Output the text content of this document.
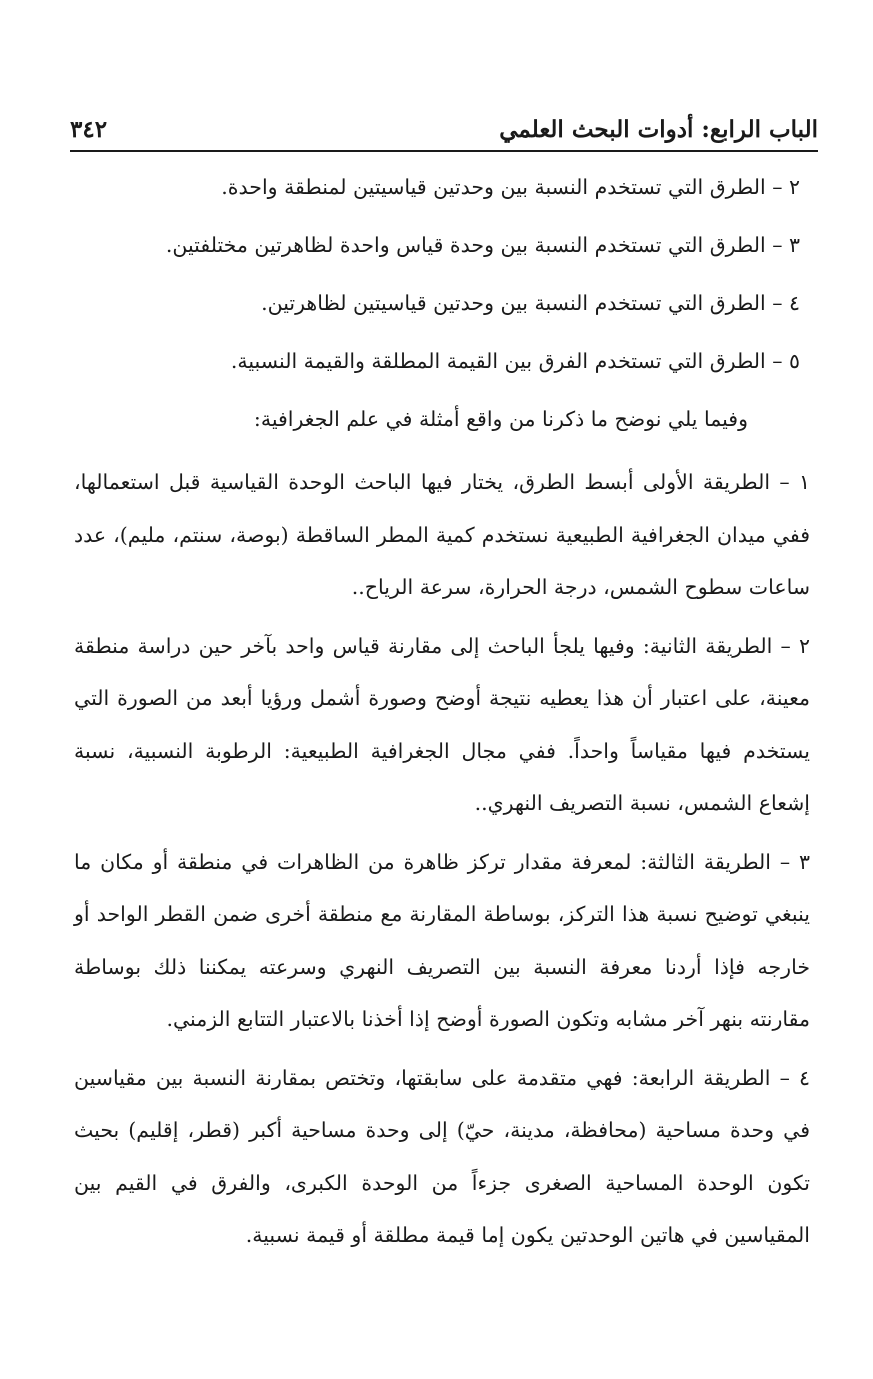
الباب الرابع: أدوات البحث العلمي
٣٤٢
٢ – الطرق التي تستخدم النسبة بين وحدتين قياسيتين لمنطقة واحدة.
٣ – الطرق التي تستخدم النسبة بين وحدة قياس واحدة لظاهرتين مختلفتين.
٤ – الطرق التي تستخدم النسبة بين وحدتين قياسيتين لظاهرتين.
٥ – الطرق التي تستخدم الفرق بين القيمة المطلقة والقيمة النسبية.
وفيما يلي نوضح ما ذكرنا من واقع أمثلة في علم الجغرافية:

١ – الطريقة الأولى أبسط الطرق، يختار فيها الباحث الوحدة القياسية قبل استعمالها، ففي ميدان الجغرافية الطبيعية نستخدم كمية المطر الساقطة (بوصة، سنتم، مليم)، عدد ساعات سطوح الشمس، درجة الحرارة، سرعة الرياح..

٢ – الطريقة الثانية: وفيها يلجأ الباحث إلى مقارنة قياس واحد بآخر حين دراسة منطقة معينة، على اعتبار أن هذا يعطيه نتيجة أوضح وصورة أشمل ورؤيا أبعد من الصورة التي يستخدم فيها مقياساً واحداً. ففي مجال الجغرافية الطبيعية: الرطوبة النسبية، نسبة إشعاع الشمس، نسبة التصريف النهري..

٣ – الطريقة الثالثة: لمعرفة مقدار تركز ظاهرة من الظاهرات في منطقة أو مكان ما ينبغي توضيح نسبة هذا التركز، بوساطة المقارنة مع منطقة أخرى ضمن القطر الواحد أو خارجه فإذا أردنا معرفة النسبة بين التصريف النهري وسرعته يمكننا ذلك بوساطة مقارنته بنهر آخر مشابه وتكون الصورة أوضح إذا أخذنا بالاعتبار التتابع الزمني.

٤ – الطريقة الرابعة: فهي متقدمة على سابقتها، وتختص بمقارنة النسبة بين مقياسين في وحدة مساحية (محافظة، مدينة، حيّ) إلى وحدة مساحية أكبر (قطر، إقليم) بحيث تكون الوحدة المساحية الصغرى جزءاً من الوحدة الكبرى، والفرق في القيم بين المقياسين في هاتين الوحدتين يكون إما قيمة مطلقة أو قيمة نسبية.
